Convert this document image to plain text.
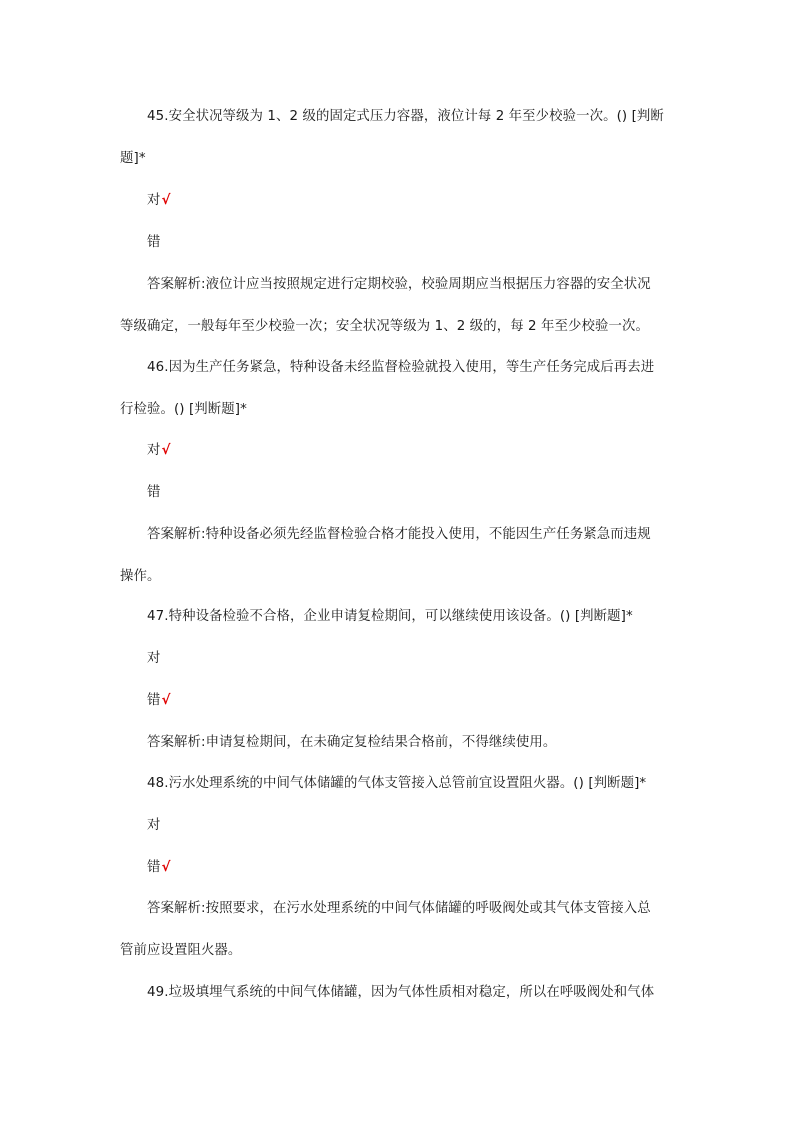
45.安全状况等级为 1、2 级的固定式压力容器，液位计每 2 年至少校验一次。() [判断
题]*
对√
错
答案解析:液位计应当按照规定进行定期校验，校验周期应当根据压力容器的安全状况
等级确定，一般每年至少校验一次；安全状况等级为 1、2 级的，每 2 年至少校验一次。
46.因为生产任务紧急，特种设备未经监督检验就投入使用，等生产任务完成后再去进
行检验。() [判断题]*
对√
错
答案解析:特种设备必须先经监督检验合格才能投入使用，不能因生产任务紧急而违规
操作。
47.特种设备检验不合格，企业申请复检期间，可以继续使用该设备。() [判断题]*
对
错√
答案解析:申请复检期间，在未确定复检结果合格前，不得继续使用。
48.污水处理系统的中间气体储罐的气体支管接入总管前宜设置阻火器。() [判断题]*
对
错√
答案解析:按照要求，在污水处理系统的中间气体储罐的呼吸阀处或其气体支管接入总
管前应设置阻火器。
49.垃圾填埋气系统的中间气体储罐，因为气体性质相对稳定，所以在呼吸阀处和气体
